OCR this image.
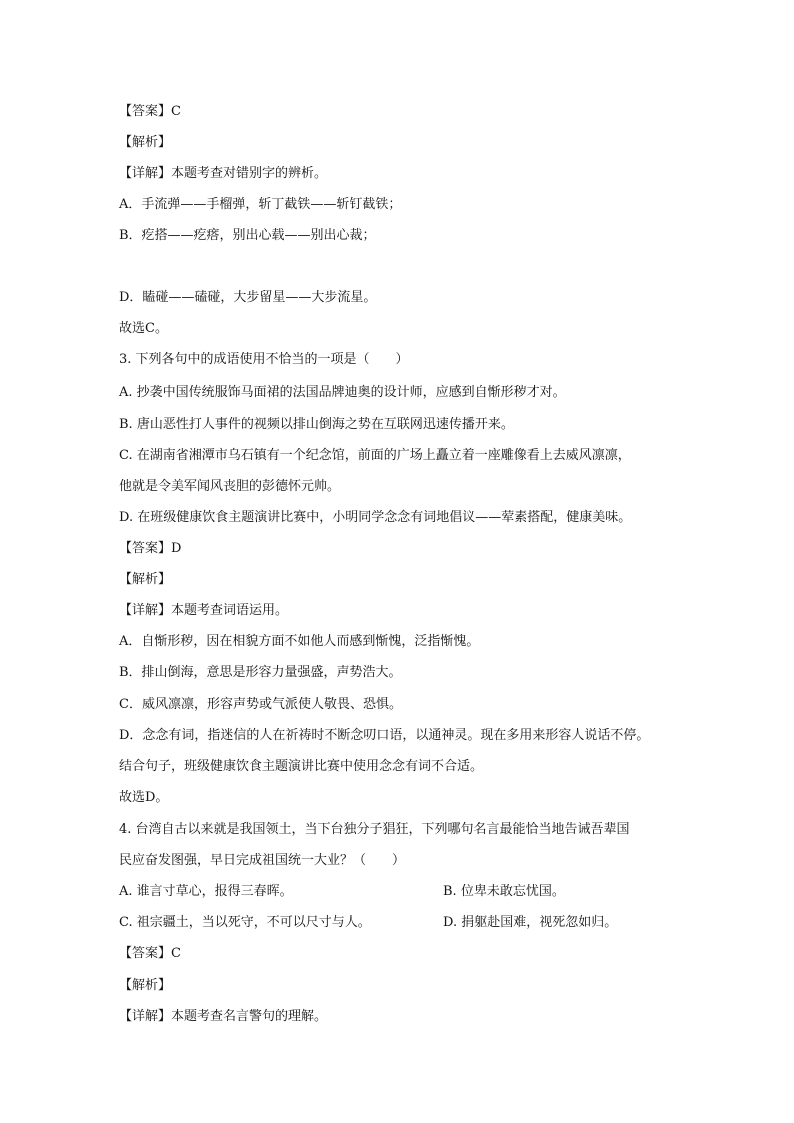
【答案】C
【解析】
【详解】本题考查对错别字的辨析。
A．手流弹——手榴弹，斩丁截铁——斩钉截铁；
B．疙搭——疙瘩，别出心载——别出心裁；
D．瞌碰——磕碰，大步留星——大步流星。
故选C。
3. 下列各句中的成语使用不恰当的一项是（　　）
A. 抄袭中国传统服饰马面裙的法国品牌迪奥的设计师，应感到自惭形秽才对。
B. 唐山恶性打人事件的视频以排山倒海之势在互联网迅速传播开来。
C. 在湖南省湘潭市乌石镇有一个纪念馆，前面的广场上矗立着一座雕像看上去威风凛凛，
他就是令美军闻风丧胆的彭德怀元帅。
D. 在班级健康饮食主题演讲比赛中，小明同学念念有词地倡议——荤素搭配，健康美味。
【答案】D
【解析】
【详解】本题考查词语运用。
A．自惭形秽，因在相貌方面不如他人而感到惭愧，泛指惭愧。
B．排山倒海，意思是形容力量强盛，声势浩大。
C．威风凛凛，形容声势或气派使人敬畏、恐惧。
D．念念有词，指迷信的人在祈祷时不断念叨口语，以通神灵。现在多用来形容人说话不停。
结合句子，班级健康饮食主题演讲比赛中使用念念有词不合适。
故选D。
4. 台湾自古以来就是我国领土，当下台独分子猖狂，下列哪句名言最能恰当地告诫吾辈国
民应奋发图强，早日完成祖国统一大业？（　　）
A. 谁言寸草心，报得三春晖。	B. 位卑未敢忘忧国。
C. 祖宗疆土，当以死守，不可以尺寸与人。	D. 捐躯赴国难，视死忽如归。
【答案】C
【解析】
【详解】本题考查名言警句的理解。
